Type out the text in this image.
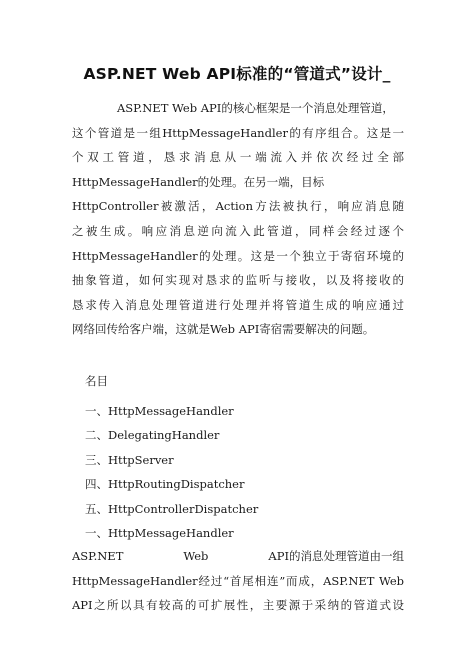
ASP.NET Web API标准的“管道式”设计_
ASP.NET Web API的核心框架是一个消息处理管道，
这个管道是一组HttpMessageHandler的有序组合。这是一
个双工管道，恳求消息从一端流入并依次经过全部
HttpMessageHandler的处理。在另一端，目标
HttpController被激活，Action方法被执行，响应消息随
之被生成。响应消息逆向流入此管道，同样会经过逐个
HttpMessageHandler的处理。这是一个独立于寄宿环境的
抽象管道，如何实现对恳求的监听与接收，以及将接收的
恳求传入消息处理管道进行处理并将管道生成的响应通过
网络回传给客户端，这就是Web API寄宿需要解决的问题。
名目
一、HttpMessageHandler
二、DelegatingHandler
三、HttpServer
四、HttpRoutingDispatcher
五、HttpControllerDispatcher
一、HttpMessageHandler
ASP.NET	Web	API的消息处理管道由一组
HttpMessageHandler经过“首尾相连”而成，ASP.NET Web
API之所以具有较高的可扩展性，主要源于采纳的管道式设
